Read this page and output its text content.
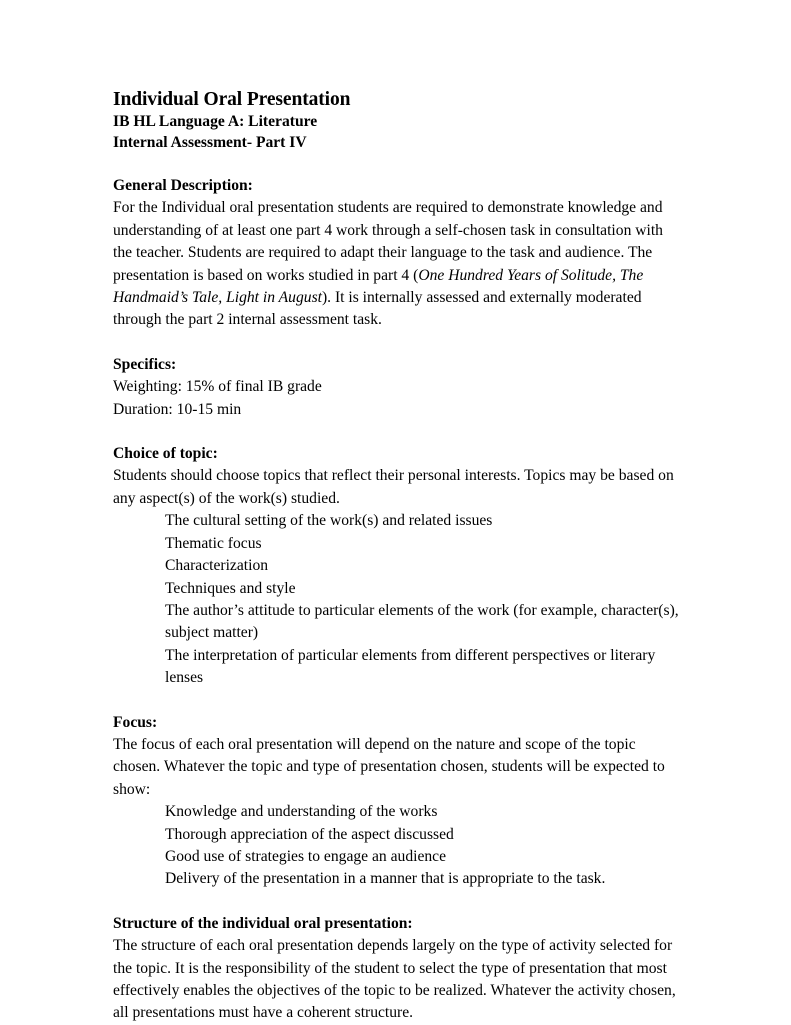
Individual Oral Presentation
IB HL Language A: Literature
Internal Assessment- Part IV
General Description:

For the Individual oral presentation students are required to demonstrate knowledge and understanding of at least one part 4 work through a self-chosen task in consultation with the teacher. Students are required to adapt their language to the task and audience. The presentation is based on works studied in part 4 (One Hundred Years of Solitude, The Handmaid’s Tale, Light in August). It is internally assessed and externally moderated through the part 2 internal assessment task.

Specifics:
Weighting: 15% of final IB grade
Duration: 10-15 min
Choice of topic:

Students should choose topics that reflect their personal interests. Topics may be based on any aspect(s) of the work(s) studied.

The cultural setting of the work(s) and related issues
Thematic focus
Characterization
Techniques and style
The author’s attitude to particular elements of the work (for example, character(s), subject matter)
The interpretation of particular elements from different perspectives or literary lenses
Focus:

The focus of each oral presentation will depend on the nature and scope of the topic chosen. Whatever the topic and type of presentation chosen, students will be expected to show:

Knowledge and understanding of the works
Thorough appreciation of the aspect discussed
Good use of strategies to engage an audience
Delivery of the presentation in a manner that is appropriate to the task.
Structure of the individual oral presentation:

The structure of each oral presentation depends largely on the type of activity selected for the topic. It is the responsibility of the student to select the type of presentation that most effectively enables the objectives of the topic to be realized. Whatever the activity chosen, all presentations must have a coherent structure.
